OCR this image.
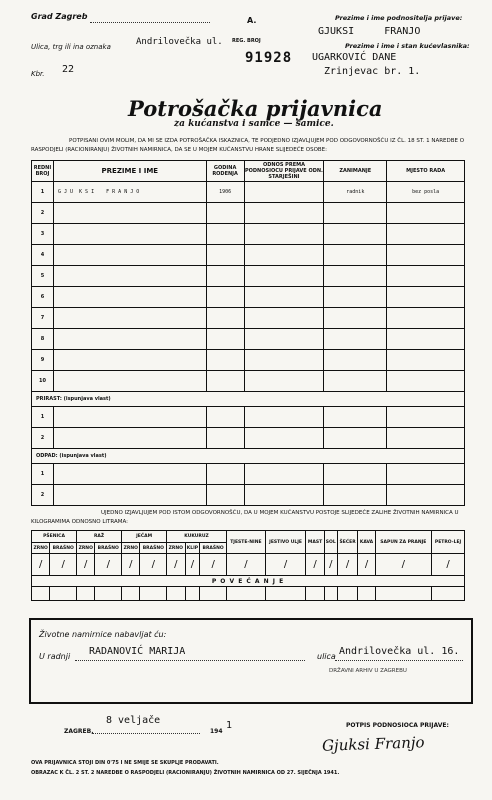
Grad Zagreb	A.
Ulica, trg ili ina oznaka	Andrilovečka ul. REG. BROJ
91928
Kbr. 22
Prezime i ime podnositelja prijave:
GJUKSI     FRANJO
Prezime i ime i stan kućevlasnika:
UGARKOVIĆ DANE
Zrinjevac br. 1.
Potrošačka prijavnica
za kućanstva i samce — samice.
POTPISANI OVIM MOLIM, DA MI SE IZDA POTROŠAČKA ISKAZNICA, TE PODJEDNO IZJAVLJUJEM POD ODGOVORNOŠĆU IZ ČL. 18 ST. 1 NAREDBE O RASPODJELI (RACIONIRANJU) ŽIVOTNIH NAMIRNICA, DA SE U MOJEM KUĆANSTVU HRANE SLIJEDEĆE OSOBE:
REDNI BROJ	PREZIME I IME	GODINA RODENJA	ODNOS PREMA PODNOSIOCU PRIJAVE ODN. STARJEŠINI	ZANIMANJE	MJESTO RADA
1	G J U  K S I    F R A N J O	1906		radnik	bez posla
2					
3					
4					
5					
6					
7					
8					
9					
10					
PRIRAST: (ispunjava vlast)					
1					
2					
ODPAD: (ispunjava vlast)					
1					
2					
UJEDNO IZJAVLJUJEM POD ISTOM ODGOVORNOŠĆU, DA U MOJEM KUĆANSTVU POSTOJE SLIJEDEĆE ZALIHE ŽIVOTNIH NAMIRNICA U KILOGRAMIMA ODNOSNO LITRAMA:
PŠENICA		RAŽ		JEČAM		KUKURUZ			TJESTE-NINE	JESTIVO ULJE	MAST	SOL	ŠEĆER	KAVA	SAPUN ZA PRANJE	PETRO-LEJ
ZRNO	BRAŠNO	ZRNO	BRAŠNO	ZRNO	BRAŠNO	ZRNO	KLIP	BRAŠNO								
/	/	/	/	/	/	/	/	/	/	/	/	/	/	/	/	/
P O V E Ć A N J E																

Životne namirnice nabavljat ću:
U radnji RADANOVIĆ MARIJA	ulica Andrilovečka ul. 16.
DRŽAVNI ARHIV U ZAGREBU
ZAGREB,
8 veljače
194
1	POTPIS PODNOSIOCA PRIJAVE:
Gjuksi Franjo
OVA PRIJAVNICA STOJI DIN 0'75 I NE SMIJE SE SKUPLJE PRODAVATI.
OBRAZAC K ČL. 2 ST. 2 NAREDBE O RASPODJELI (RACIONIRANJU) ŽIVOTNIH NAMIRNICA OD 27. SIJEČNJA 1941.
